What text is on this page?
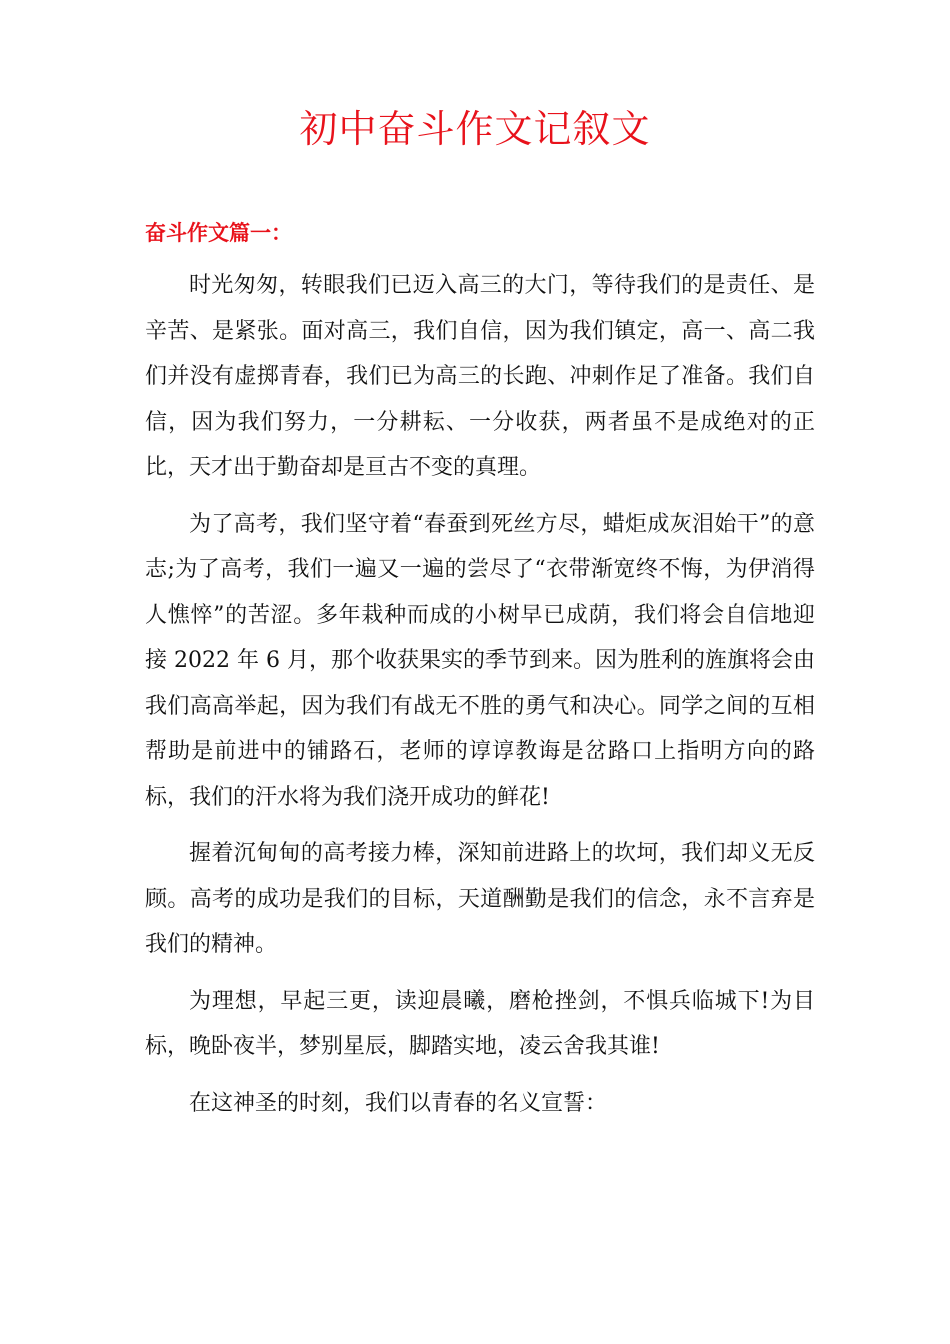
初中奋斗作文记叙文
奋斗作文篇一：

时光匆匆，转眼我们已迈入高三的大门，等待我们的是责任、是辛苦、是紧张。面对高三，我们自信，因为我们镇定，高一、高二我们并没有虚掷青春，我们已为高三的长跑、冲刺作足了准备。我们自信，因为我们努力，一分耕耘、一分收获，两者虽不是成绝对的正比，天才出于勤奋却是亘古不变的真理。

为了高考，我们坚守着“春蚕到死丝方尽，蜡炬成灰泪始干”的意志;为了高考，我们一遍又一遍的尝尽了“衣带渐宽终不悔，为伊消得人憔悴”的苦涩。多年栽种而成的小树早已成荫，我们将会自信地迎接 2022 年 6 月，那个收获果实的季节到来。因为胜利的旌旗将会由我们高高举起，因为我们有战无不胜的勇气和决心。同学之间的互相帮助是前进中的铺路石，老师的谆谆教诲是岔路口上指明方向的路标，我们的汗水将为我们浇开成功的鲜花!

握着沉甸甸的高考接力棒，深知前进路上的坎坷，我们却义无反顾。高考的成功是我们的目标，天道酬勤是我们的信念，永不言弃是我们的精神。

为理想，早起三更，读迎晨曦，磨枪挫剑，不惧兵临城下!为目标，晚卧夜半，梦别星辰，脚踏实地，凌云舍我其谁!

在这神圣的时刻，我们以青春的名义宣誓：
